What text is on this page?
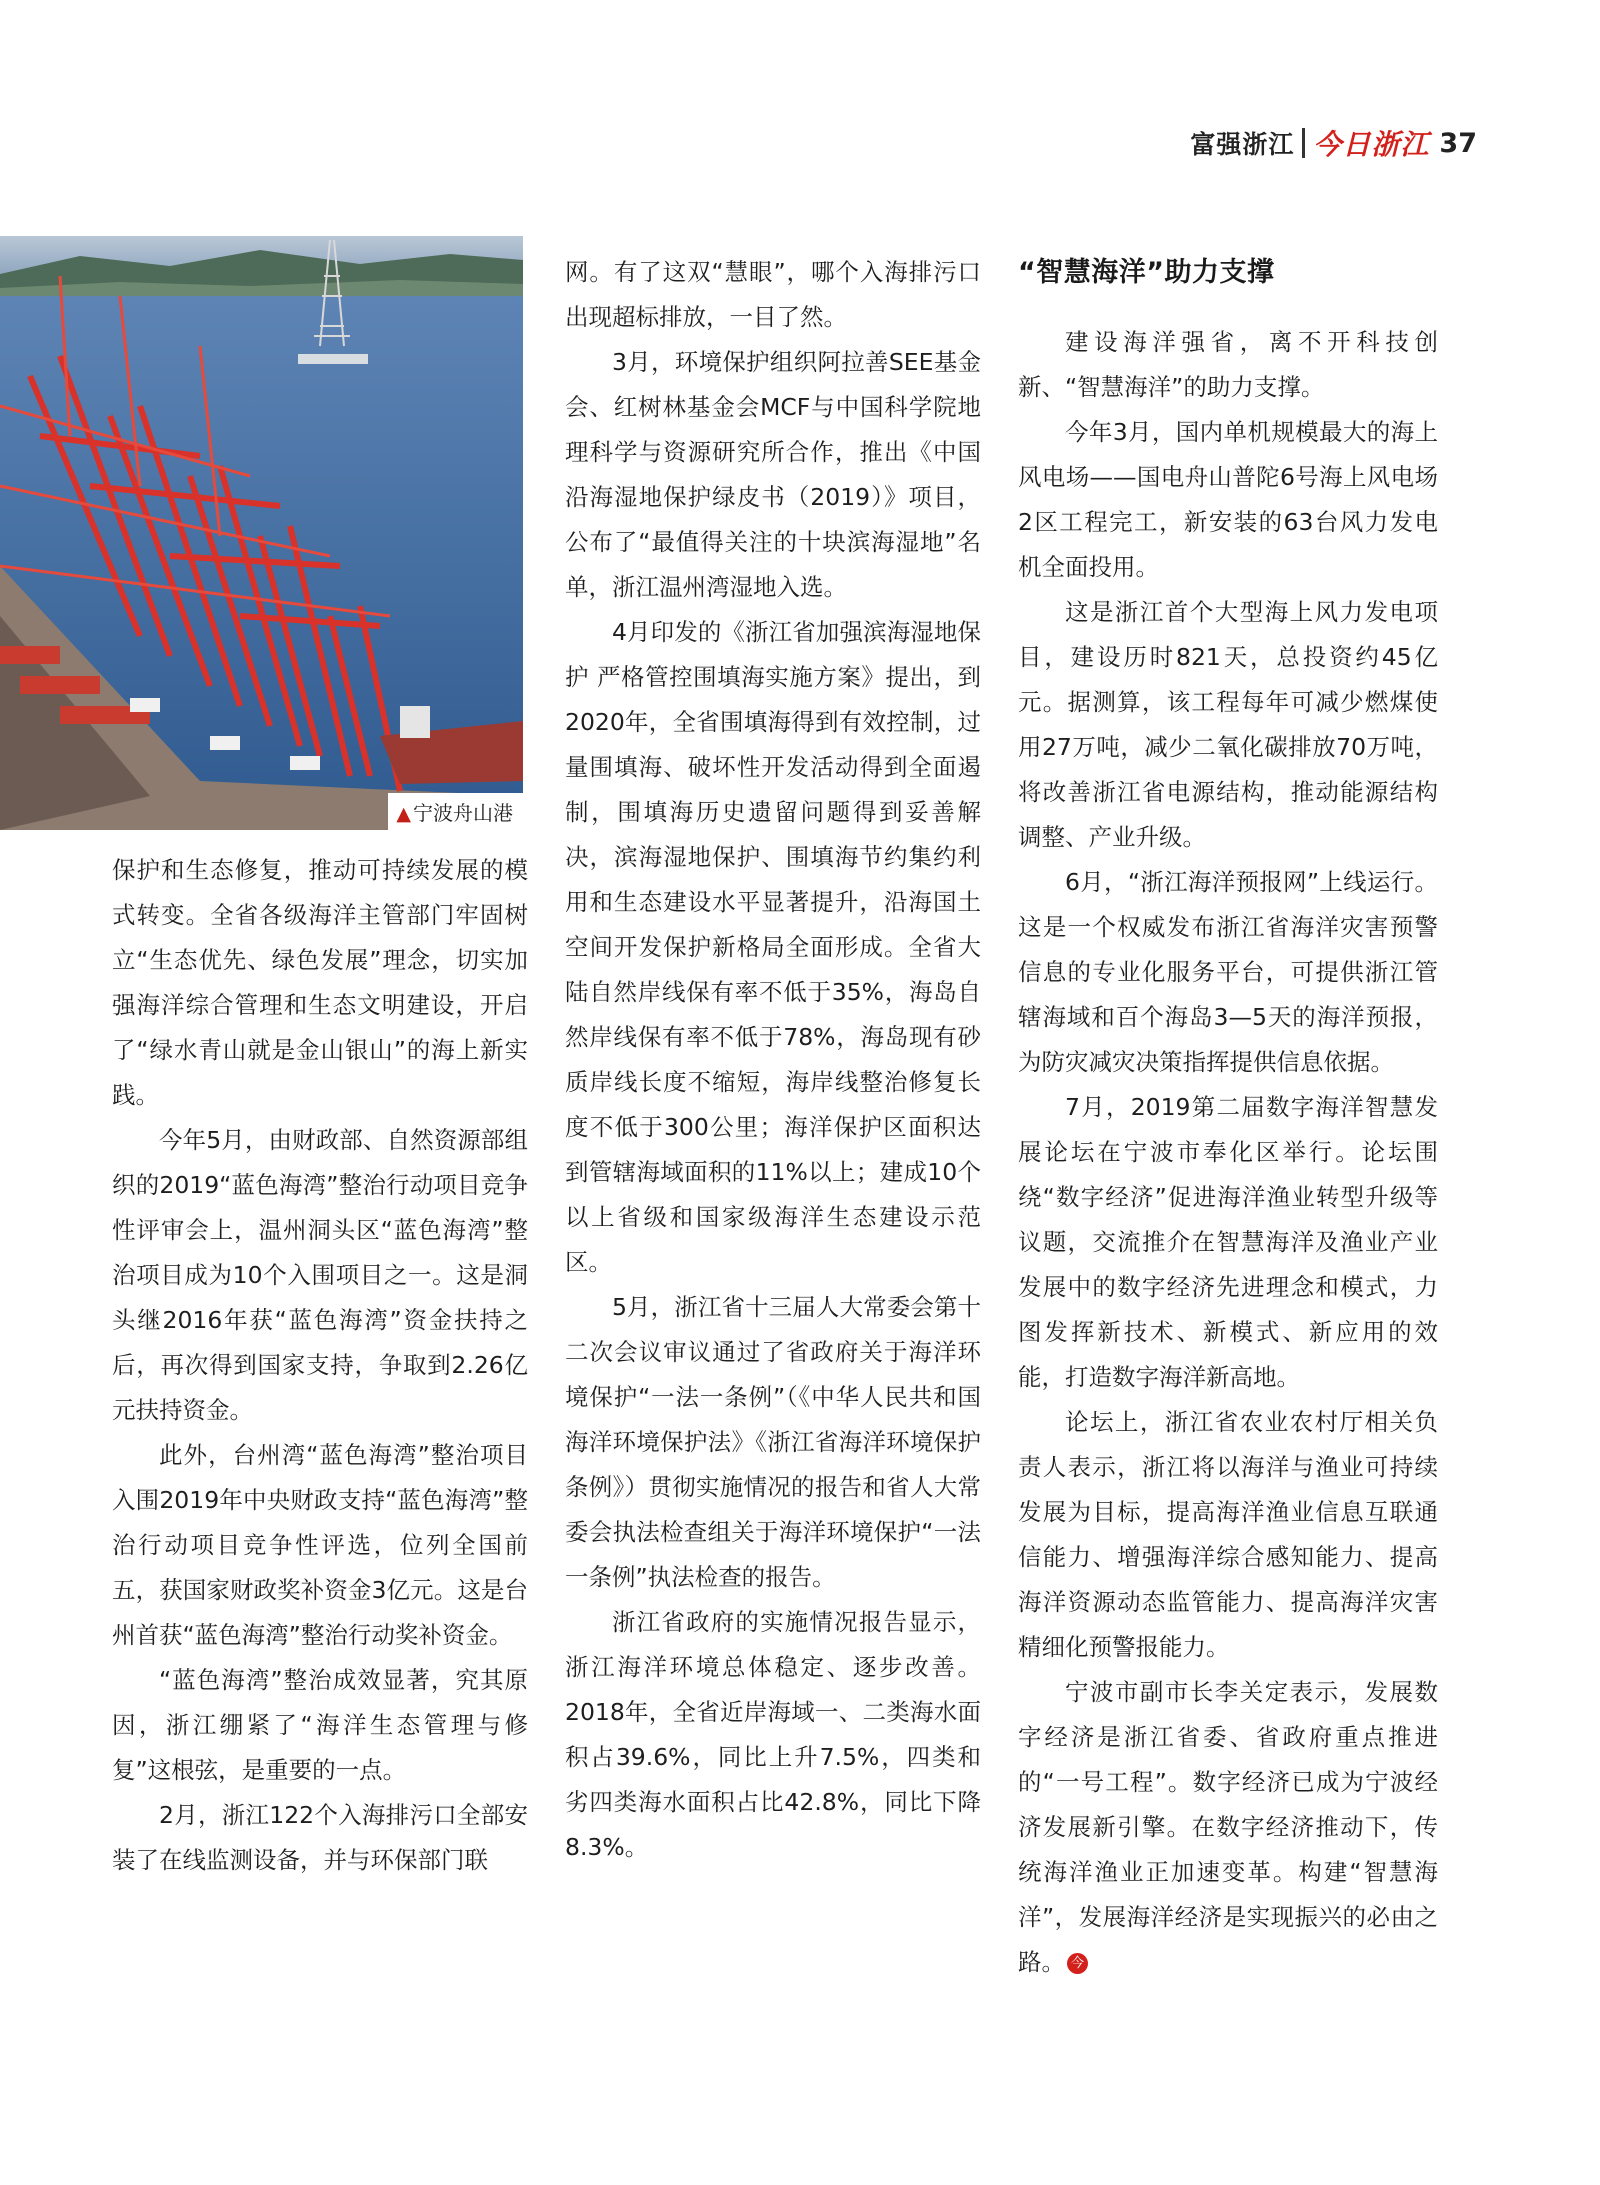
富强浙江 今日浙江 37
▲ 宁波舟山港

保护和生态修复，推动可持续发展的模式转变。全省各级海洋主管部门牢固树立“生态优先、绿色发展”理念，切实加强海洋综合管理和生态文明建设，开启了“绿水青山就是金山银山”的海上新实践。

今年5月，由财政部、自然资源部组织的2019“蓝色海湾”整治行动项目竞争性评审会上，温州洞头区“蓝色海湾”整治项目成为10个入围项目之一。这是洞头继2016年获“蓝色海湾”资金扶持之后，再次得到国家支持，争取到2.26亿元扶持资金。

此外，台州湾“蓝色海湾”整治项目入围2019年中央财政支持“蓝色海湾”整治行动项目竞争性评选，位列全国前五，获国家财政奖补资金3亿元。这是台州首获“蓝色海湾”整治行动奖补资金。

“蓝色海湾”整治成效显著，究其原因，浙江绷紧了“海洋生态管理与修复”这根弦，是重要的一点。

2月，浙江122个入海排污口全部安装了在线监测设备，并与环保部门联

网。有了这双“慧眼”，哪个入海排污口出现超标排放，一目了然。

3月，环境保护组织阿拉善SEE基金会、红树林基金会MCF与中国科学院地理科学与资源研究所合作，推出《中国沿海湿地保护绿皮书（2019）》项目，公布了“最值得关注的十块滨海湿地”名单，浙江温州湾湿地入选。

4月印发的《浙江省加强滨海湿地保护 严格管控围填海实施方案》提出，到2020年，全省围填海得到有效控制，过量围填海、破坏性开发活动得到全面遏制，围填海历史遗留问题得到妥善解决，滨海湿地保护、围填海节约集约利用和生态建设水平显著提升，沿海国土空间开发保护新格局全面形成。全省大陆自然岸线保有率不低于35%，海岛自然岸线保有率不低于78%，海岛现有砂质岸线长度不缩短，海岸线整治修复长度不低于300公里；海洋保护区面积达到管辖海域面积的11%以上；建成10个以上省级和国家级海洋生态建设示范区。

5月，浙江省十三届人大常委会第十二次会议审议通过了省政府关于海洋环境保护“一法一条例”（《中华人民共和国海洋环境保护法》《浙江省海洋环境保护条例》）贯彻实施情况的报告和省人大常委会执法检查组关于海洋环境保护“一法一条例”执法检查的报告。

浙江省政府的实施情况报告显示，浙江海洋环境总体稳定、逐步改善。2018年，全省近岸海域一、二类海水面积占39.6%，同比上升7.5%，四类和劣四类海水面积占比42.8%，同比下降8.3%。

“智慧海洋”助力支撑

建设海洋强省，离不开科技创新、“智慧海洋”的助力支撑。

今年3月，国内单机规模最大的海上风电场——国电舟山普陀6号海上风电场2区工程完工，新安装的63台风力发电机全面投用。

这是浙江首个大型海上风力发电项目，建设历时821天，总投资约45亿元。据测算，该工程每年可减少燃煤使用27万吨，减少二氧化碳排放70万吨，将改善浙江省电源结构，推动能源结构调整、产业升级。

6月，“浙江海洋预报网”上线运行。这是一个权威发布浙江省海洋灾害预警信息的专业化服务平台，可提供浙江管辖海域和百个海岛3—5天的海洋预报，为防灾减灾决策指挥提供信息依据。

7月，2019第二届数字海洋智慧发展论坛在宁波市奉化区举行。论坛围绕“数字经济”促进海洋渔业转型升级等议题，交流推介在智慧海洋及渔业产业发展中的数字经济先进理念和模式，力图发挥新技术、新模式、新应用的效能，打造数字海洋新高地。

论坛上，浙江省农业农村厅相关负责人表示，浙江将以海洋与渔业可持续发展为目标，提高海洋渔业信息互联通信能力、增强海洋综合感知能力、提高海洋资源动态监管能力、提高海洋灾害精细化预警报能力。

宁波市副市长李关定表示，发展数字经济是浙江省委、省政府重点推进的“一号工程”。数字经济已成为宁波经济发展新引擎。在数字经济推动下，传统海洋渔业正加速变革。构建“智慧海洋”，发展海洋经济是实现振兴的必由之路。 今
